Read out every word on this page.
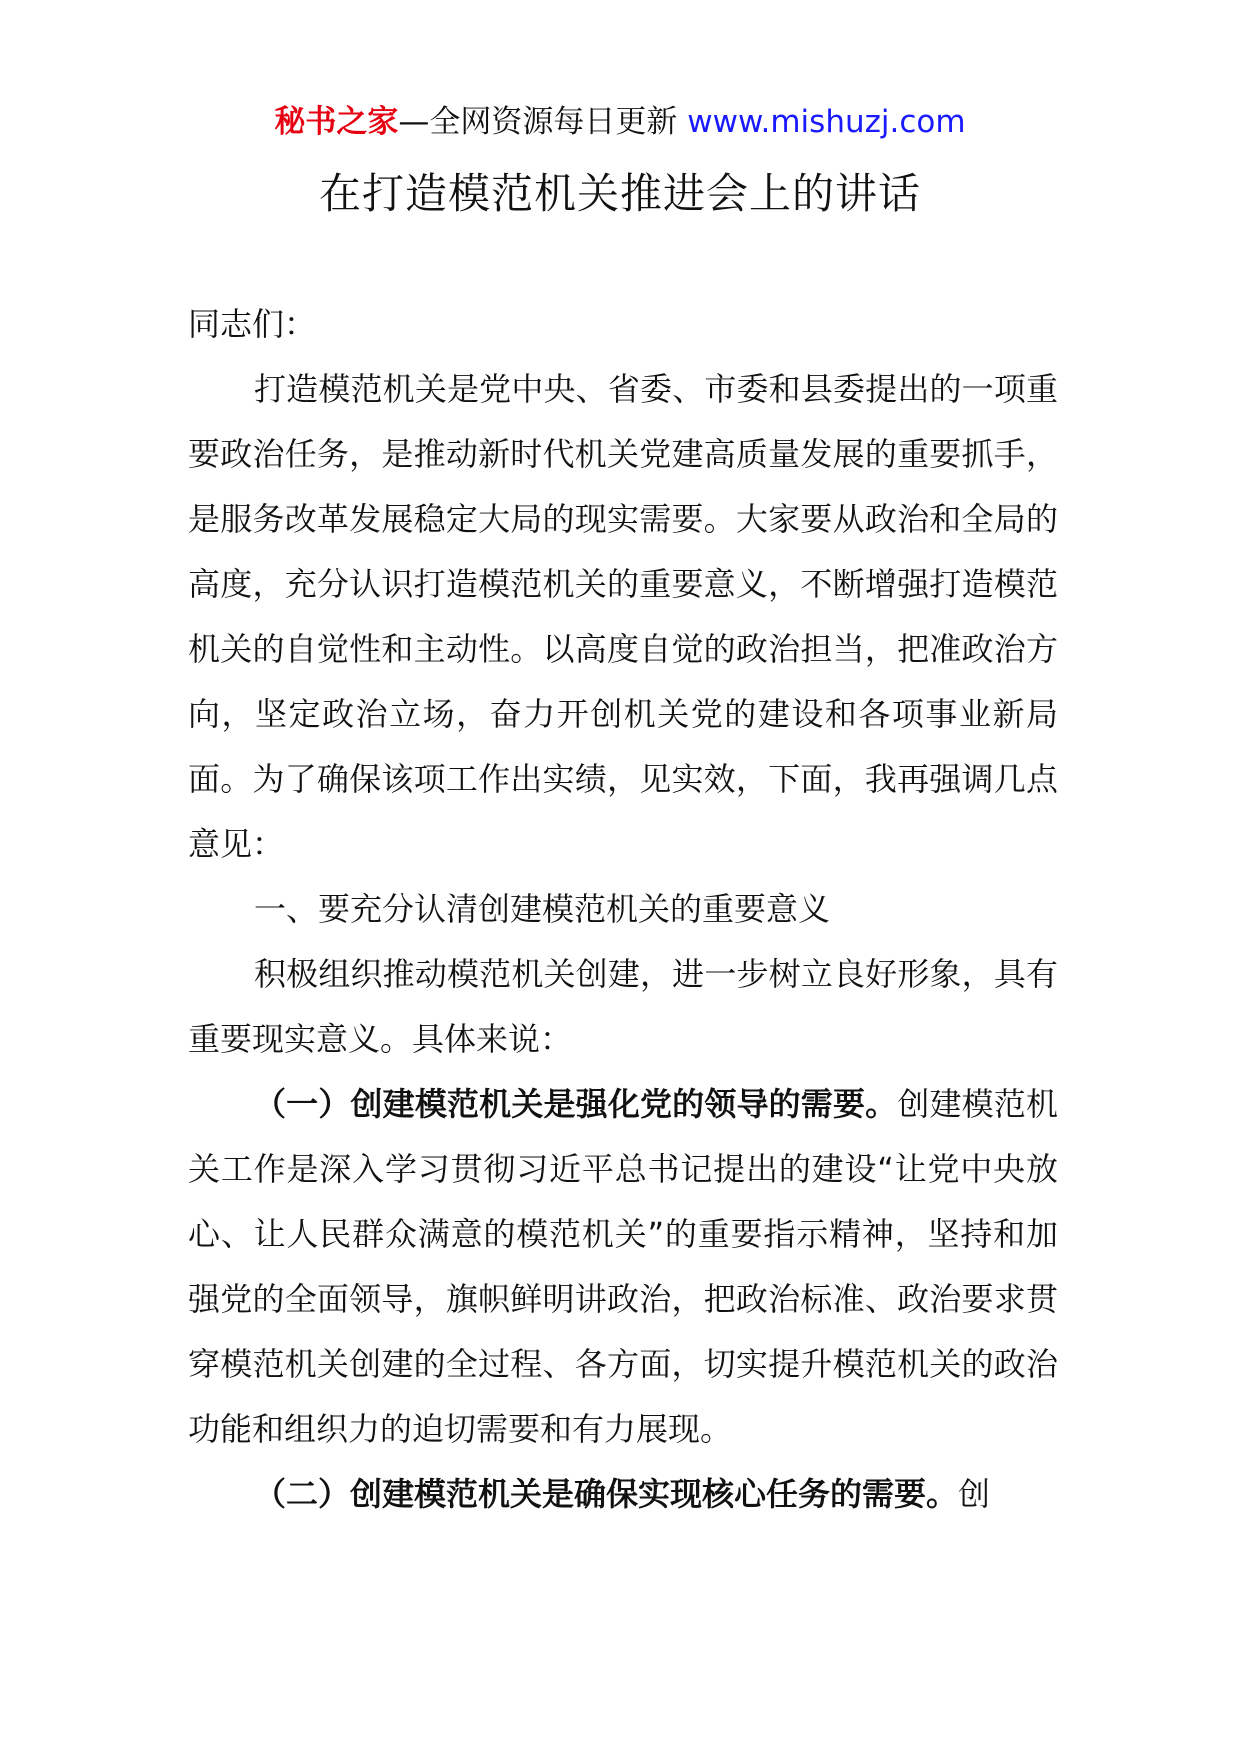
秘书之家—全网资源每日更新 www.mishuzj.com
在打造模范机关推进会上的讲话

同志们：

打造模范机关是党中央、省委、市委和县委提出的一项重要政治任务，是推动新时代机关党建高质量发展的重要抓手，是服务改革发展稳定大局的现实需要。大家要从政治和全局的高度，充分认识打造模范机关的重要意义，不断增强打造模范机关的自觉性和主动性。以高度自觉的政治担当，把准政治方向，坚定政治立场，奋力开创机关党的建设和各项事业新局面。为了确保该项工作出实绩，见实效，下面，我再强调几点意见：

一、要充分认清创建模范机关的重要意义

积极组织推动模范机关创建，进一步树立良好形象，具有重要现实意义。具体来说：

（一）创建模范机关是强化党的领导的需要。创建模范机关工作是深入学习贯彻习近平总书记提出的建设“让党中央放心、让人民群众满意的模范机关”的重要指示精神，坚持和加强党的全面领导，旗帜鲜明讲政治，把政治标准、政治要求贯穿模范机关创建的全过程、各方面，切实提升模范机关的政治功能和组织力的迫切需要和有力展现。

（二）创建模范机关是确保实现核心任务的需要。创
